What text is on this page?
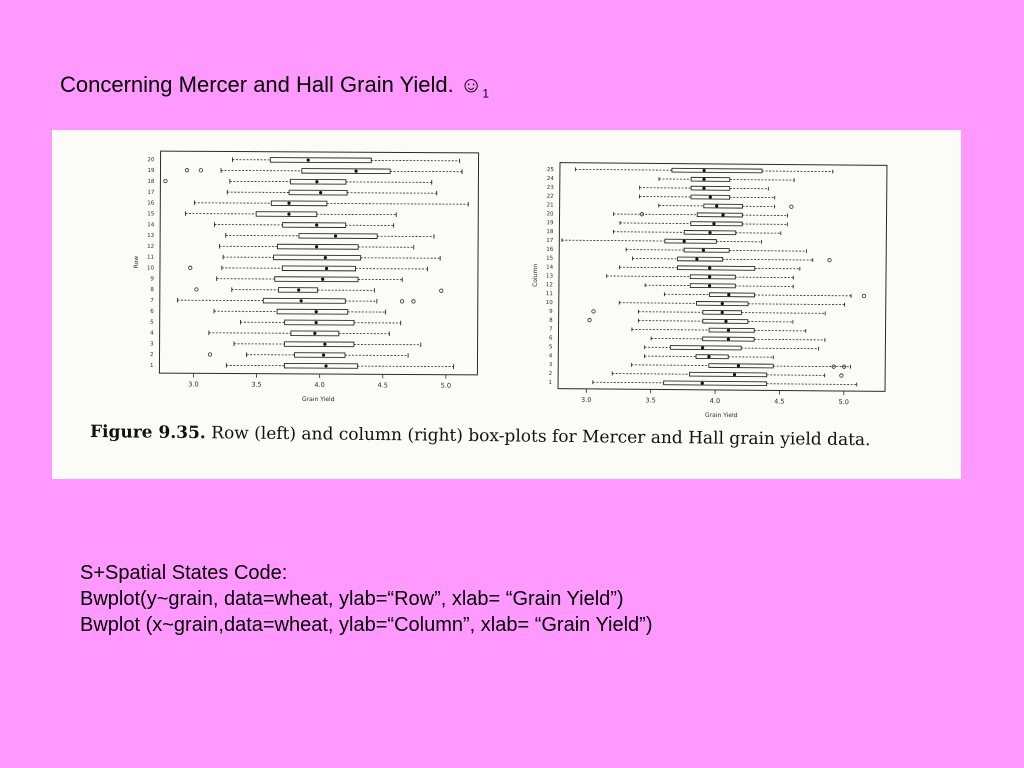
Concerning Mercer and Hall Grain Yield. $☺_1$
1
2
3
4
5
6
7
8
9
10
11
12
13
14
15
16
17
18
19
20
3.0	3.5	4.0	4.5	5.0
Grain Yield
Row
1
2
3
4
5
6
7
8
9
10
11
12
13
14
15
16
17
18
19
20
21
22
23
24
25
3.0	3.5	4.0	4.5	5.0
Grain Yield
Column
Figure 9.35. Row (left) and column (right) box-plots for Mercer and Hall grain yield data.
S+Spatial States Code:
Bwplot(y~grain, data=wheat, ylab=“Row”, xlab= “Grain Yield”)
Bwplot (x~grain,data=wheat, ylab=“Column”, xlab= “Grain Yield”)
